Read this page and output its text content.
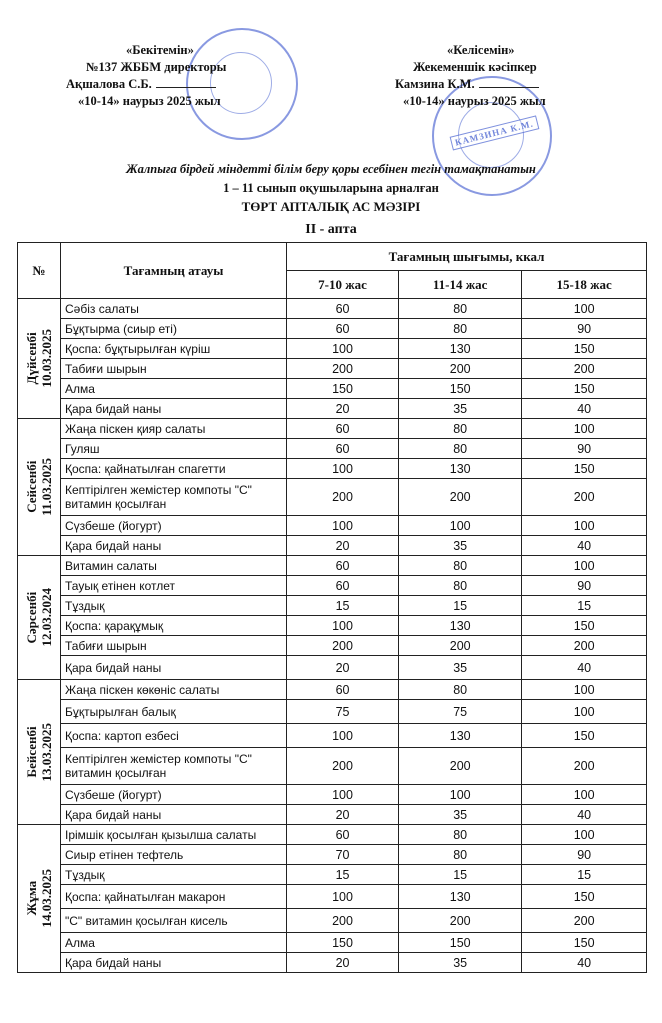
КАМЗИНА К.М.
«Бекітемін»
№137 ЖББМ директоры
Ақшалова С.Б.
«10-14» наурыз 2025 жыл
«Келісемін»
Жекеменшік кәсіпкер
Камзина К.М.
«10-14» наурыз 2025 жыл
Жалпыға бірдей міндетті білім беру қоры есебінен тегін тамақтанатын
1 – 11 сынып оқушыларына арналған
ТӨРТ АПТАЛЫҚ АС МӘЗІРІ
II - апта
№	Тағамның атауы	Тағамның шығымы, ккал		
		7-10 жас	11-14 жас	15-18 жас

Дүйсенбі 10.03.2025	Сәбіз салаты	60	80	100
	Бұқтырма (сиыр еті)	60	80	90
	Қоспа: бұқтырылған күріш	100	130	150
	Табиғи шырын	200	200	200
	Алма	150	150	150
	Қара бидай наны	20	35	40

Сейсенбі 11.03.2025	Жаңа піскен қияр салаты	60	80	100
	Гуляш	60	80	90
	Қоспа: қайнатылған спагетти	100	130	150
	Кептірілген жемістер компоты "С" витамин қосылған	200	200	200
	Сүзбеше (йогурт)	100	100	100
	Қара бидай наны	20	35	40

Сәрсенбі 12.03.2024	Витамин салаты	60	80	100
	Тауық етінен котлет	60	80	90
	Тұздық	15	15	15
	Қоспа: қарақұмық	100	130	150
	Табиғи шырын	200	200	200
	Қара бидай наны	20	35	40

Бейсенбі 13.03.2025	Жаңа піскен көкөніс салаты	60	80	100
	Бұқтырылған балық	75	75	100
	Қоспа: картоп езбесі	100	130	150
	Кептірілген жемістер компоты "С" витамин қосылған	200	200	200
	Сүзбеше (йогурт)	100	100	100
	Қара бидай наны	20	35	40

Жұма 14.03.2025	Ірімшік қосылған қызылша салаты	60	80	100
	Сиыр етінен тефтель	70	80	90
	Тұздық	15	15	15
	Қоспа: қайнатылған макарон	100	130	150
	"С" витамин қосылған кисель	200	200	200
	Алма	150	150	150
	Қара бидай наны	20	35	40
